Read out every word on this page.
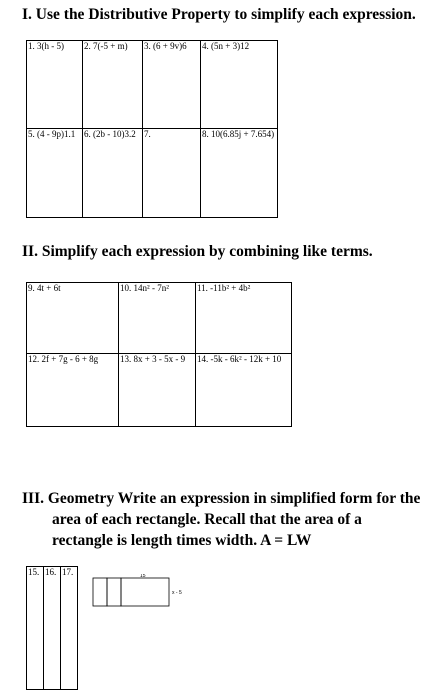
I. Use the Distributive Property to simplify each expression.
1. 3(h - 5)	2. 7(-5 + m)	3. (6 + 9v)6	4. (5n + 3)12
5. (4 - 9p)1.1	6. (2b - 10)3.2	7.	8. 10(6.85j + 7.654)
II. Simplify each expression by combining like terms.
9. 4t + 6t	10. 14n² - 7n²	11. -11b² + 4b²
12. 2f + 7g - 6 + 8g	13. 8x + 3 - 5x - 9	14. -5k - 6k² - 12k + 10
III. Geometry Write an expression in simplified form for the
area of each rectangle. Recall that the area of a
rectangle is length times width. A = LW
15. 16. 17.	15
x - 5
